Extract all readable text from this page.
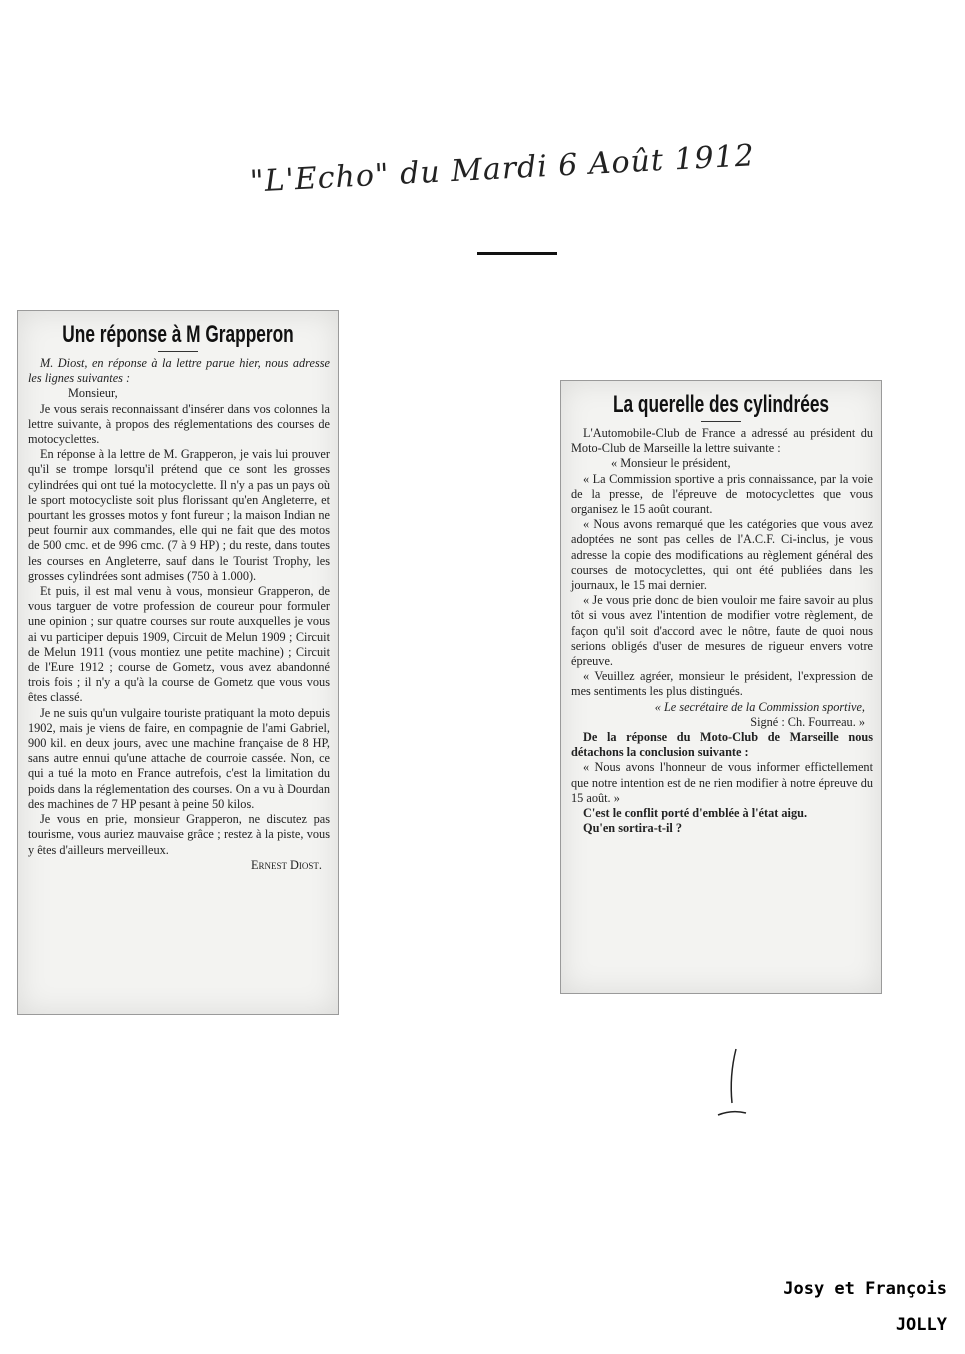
"L'Echo" du Mardi 6 Août 1912
Une réponse à M Grapperon

M. Diost, en réponse à la lettre parue hier, nous adresse les lignes suivantes :

Monsieur,

Je vous serais reconnaissant d'insérer dans vos colonnes la lettre suivante, à propos des réglementations des courses de motocyclettes.

En réponse à la lettre de M. Grapperon, je vais lui prouver qu'il se trompe lorsqu'il prétend que ce sont les grosses cylindrées qui ont tué la motocyclette. Il n'y a pas un pays où le sport motocycliste soit plus florissant qu'en Angleterre, et pourtant les grosses motos y font fureur ; la maison Indian ne peut fournir aux commandes, elle qui ne fait que des motos de 500 cmc. et de 996 cmc. (7 à 9 HP) ; du reste, dans toutes les courses en Angleterre, sauf dans le Tourist Trophy, les grosses cylindrées sont admises (750 à 1.000).

Et puis, il est mal venu à vous, monsieur Grapperon, de vous targuer de votre profession de coureur pour formuler une opinion ; sur quatre courses sur route auxquelles je vous ai vu participer depuis 1909, Circuit de Melun 1909 ; Circuit de Melun 1911 (vous montiez une petite machine) ; Circuit de l'Eure 1912 ; course de Gometz, vous avez abandonné trois fois ; il n'y a qu'à la course de Gometz que vous vous êtes classé.

Je ne suis qu'un vulgaire touriste pratiquant la moto depuis 1902, mais je viens de faire, en compagnie de l'ami Gabriel, 900 kil. en deux jours, avec une machine française de 8 HP, sans autre ennui qu'une attache de courroie cassée. Non, ce qui a tué la moto en France autrefois, c'est la limitation du poids dans la réglementation des courses. On a vu à Dourdan des machines de 7 HP pesant à peine 50 kilos.

Je vous en prie, monsieur Grapperon, ne discutez pas tourisme, vous auriez mauvaise grâce ; restez à la piste, vous y êtes d'ailleurs merveilleux.

Ernest Diost.

La querelle des cylindrées

L'Automobile-Club de France a adressé au président du Moto-Club de Marseille la lettre suivante :

« Monsieur le président,

« La Commission sportive a pris connaissance, par la voie de la presse, de l'épreuve de motocyclettes que vous organisez le 15 août courant.

« Nous avons remarqué que les catégories que vous avez adoptées ne sont pas celles de l'A.C.F. Ci-inclus, je vous adresse la copie des modifications au règlement général des courses de motocyclettes, qui ont été publiées dans les journaux, le 15 mai dernier.

« Je vous prie donc de bien vouloir me faire savoir au plus tôt si vous avez l'intention de modifier votre règlement, de façon qu'il soit d'accord avec le nôtre, faute de quoi nous serions obligés d'user de mesures de rigueur envers votre épreuve.

« Veuillez agréer, monsieur le président, l'expression de mes sentiments les plus distingués.

« Le secrétaire de la Commission sportive,

Signé : Ch. Fourreau. »

De la réponse du Moto-Club de Marseille nous détachons la conclusion suivante :

« Nous avons l'honneur de vous informer effictellement que notre intention est de ne rien modifier à notre épreuve du 15 août. »

C'est le conflit porté d'emblée à l'état aigu.

Qu'en sortira-t-il ?

Josy et François
JOLLY
